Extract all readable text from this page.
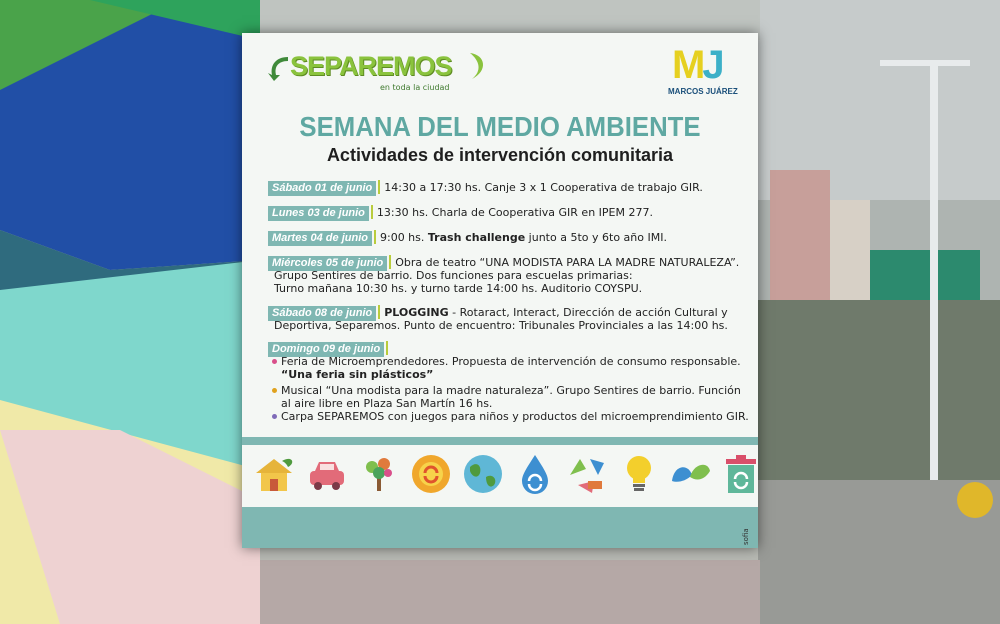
SEPAREMOS
en toda la ciudad
MJ
MARCOS JUÁREZ
SEMANA DEL MEDIO AMBIENTE
Actividades de intervención comunitaria
Sábado 01 de junio 14:30 a 17:30 hs. Canje 3 x 1 Cooperativa de trabajo GIR.
Lunes 03 de junio 13:30 hs. Charla de Cooperativa GIR en IPEM 277.
Martes 04 de junio 9:00 hs. Trash challenge junto a 5to y 6to año IMI.
Miércoles 05 de junio Obra de teatro “UNA MODISTA PARA LA MADRE NATURALEZA”.
Grupo Sentires de barrio. Dos funciones para escuelas primarias:
Turno mañana 10:30 hs. y turno tarde 14:00 hs. Auditorio COYSPU.
Sábado 08 de junio PLOGGING - Rotaract, Interact, Dirección de acción Cultural y
Deportiva, Separemos. Punto de encuentro: Tribunales Provinciales a las 14:00 hs.
Domingo 09 de junio
Feria de Microemprendedores. Propuesta de intervención de consumo responsable.
“Una feria sin plásticos”
Musical “Una modista para la madre naturaleza”. Grupo Sentires de barrio. Función
al aire libre en Plaza San Martín 16 hs.
Carpa SEPAREMOS con juegos para niños y productos del microemprendimiento GIR.
sofia
